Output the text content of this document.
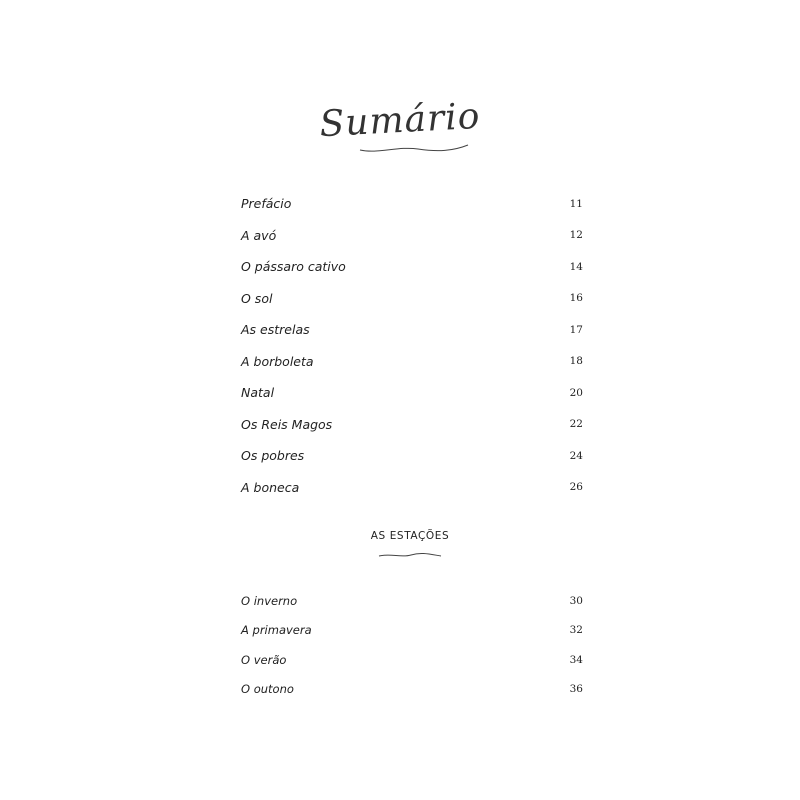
Sumário
Prefácio	11
A avó	12
O pássaro cativo	14
O sol	16
As estrelas	17
A borboleta	18
Natal	20
Os Reis Magos	22
Os pobres	24
A boneca	26
AS ESTAÇÕES
O inverno	30
A primavera	32
O verão	34
O outono	36
